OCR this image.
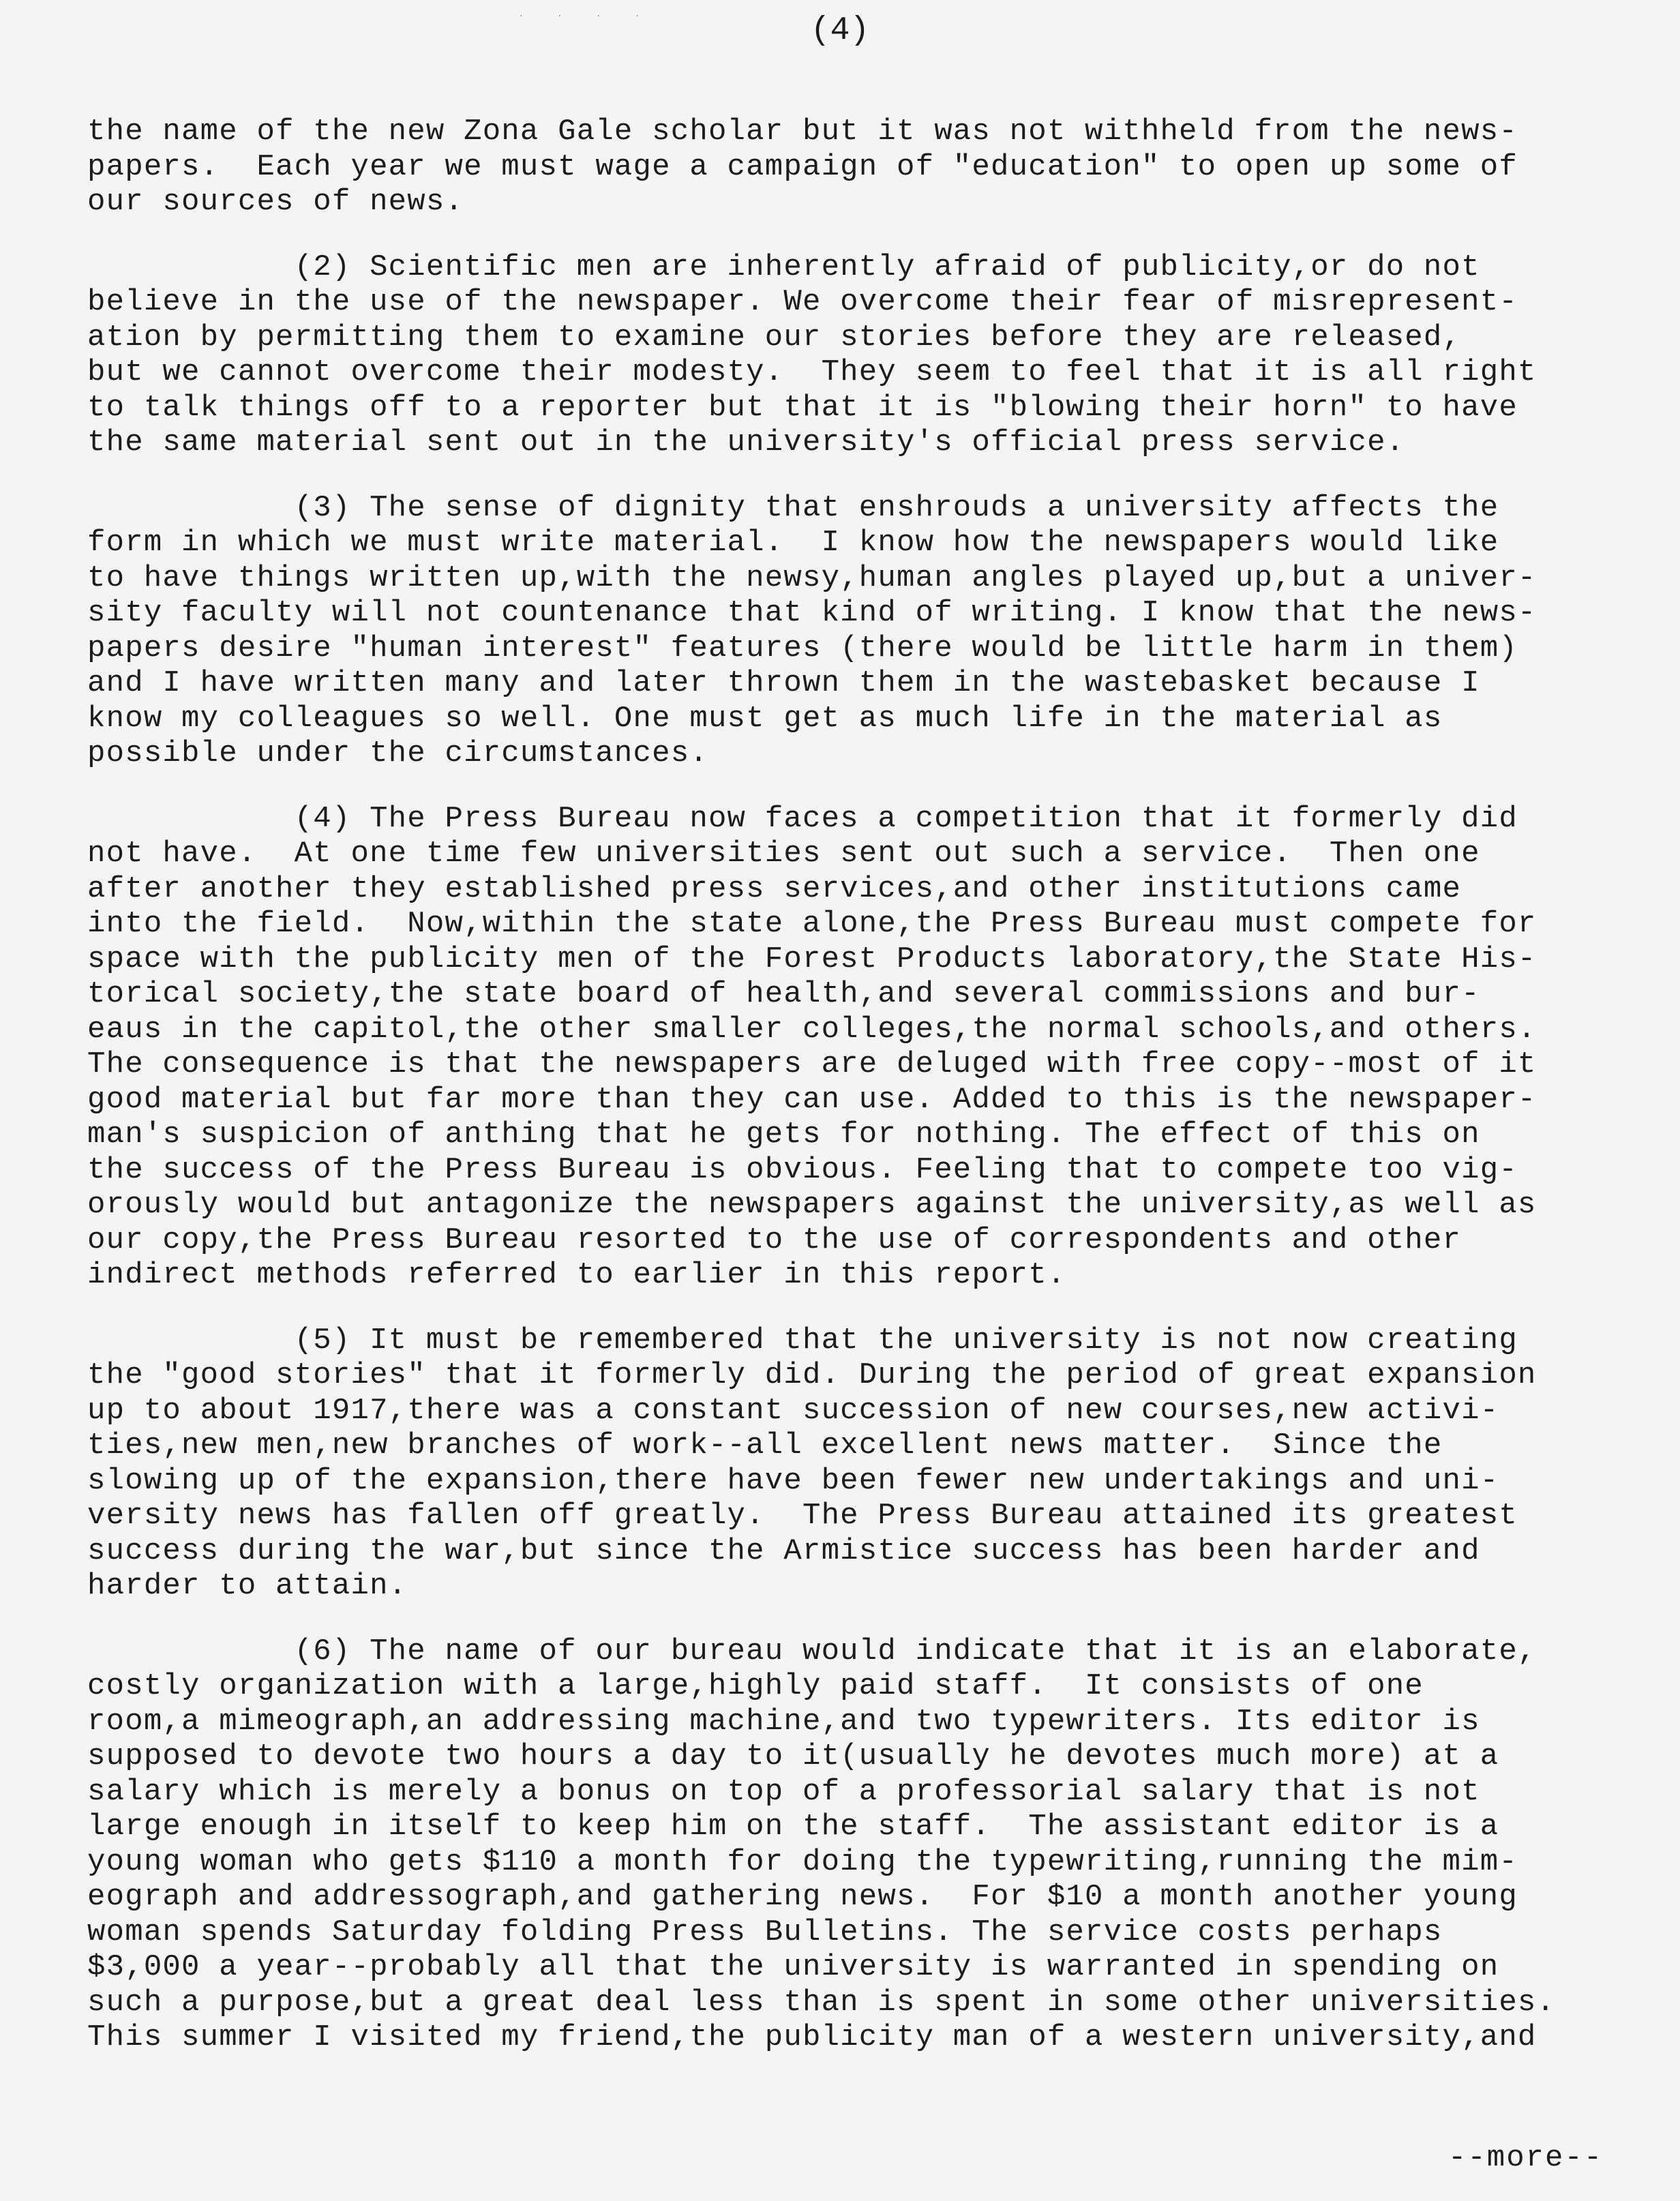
· · · ·	(4)
the name of the new Zona Gale scholar but it was not withheld from the news-
papers.  Each year we must wage a campaign of "education" to open up some of
our sources of news.
(2) Scientific men are inherently afraid of publicity,or do not
believe in the use of the newspaper. We overcome their fear of misrepresent-
ation by permitting them to examine our stories before they are released,
but we cannot overcome their modesty.  They seem to feel that it is all right
to talk things off to a reporter but that it is "blowing their horn" to have
the same material sent out in the university's official press service.
(3) The sense of dignity that enshrouds a university affects the
form in which we must write material.  I know how the newspapers would like
to have things written up,with the newsy,human angles played up,but a univer-
sity faculty will not countenance that kind of writing. I know that the news-
papers desire "human interest" features (there would be little harm in them)
and I have written many and later thrown them in the wastebasket because I
know my colleagues so well. One must get as much life in the material as
possible under the circumstances.
(4) The Press Bureau now faces a competition that it formerly did
not have.  At one time few universities sent out such a service.  Then one
after another they established press services,and other institutions came
into the field.  Now,within the state alone,the Press Bureau must compete for
space with the publicity men of the Forest Products laboratory,the State His-
torical society,the state board of health,and several commissions and bur-
eaus in the capitol,the other smaller colleges,the normal schools,and others.
The consequence is that the newspapers are deluged with free copy--most of it
good material but far more than they can use. Added to this is the newspaper-
man's suspicion of anthing that he gets for nothing. The effect of this on
the success of the Press Bureau is obvious. Feeling that to compete too vig-
orously would but antagonize the newspapers against the university,as well as
our copy,the Press Bureau resorted to the use of correspondents and other
indirect methods referred to earlier in this report.
(5) It must be remembered that the university is not now creating
the "good stories" that it formerly did. During the period of great expansion
up to about 1917,there was a constant succession of new courses,new activi-
ties,new men,new branches of work--all excellent news matter.  Since the
slowing up of the expansion,there have been fewer new undertakings and uni-
versity news has fallen off greatly.  The Press Bureau attained its greatest
success during the war,but since the Armistice success has been harder and
harder to attain.
(6) The name of our bureau would indicate that it is an elaborate,
costly organization with a large,highly paid staff.  It consists of one
room,a mimeograph,an addressing machine,and two typewriters. Its editor is
supposed to devote two hours a day to it(usually he devotes much more) at a
salary which is merely a bonus on top of a professorial salary that is not
large enough in itself to keep him on the staff.  The assistant editor is a
young woman who gets $110 a month for doing the typewriting,running the mim-
eograph and addressograph,and gathering news.  For $10 a month another young
woman spends Saturday folding Press Bulletins. The service costs perhaps
$3,000 a year--probably all that the university is warranted in spending on
such a purpose,but a great deal less than is spent in some other universities.
This summer I visited my friend,the publicity man of a western university,and
--more--
